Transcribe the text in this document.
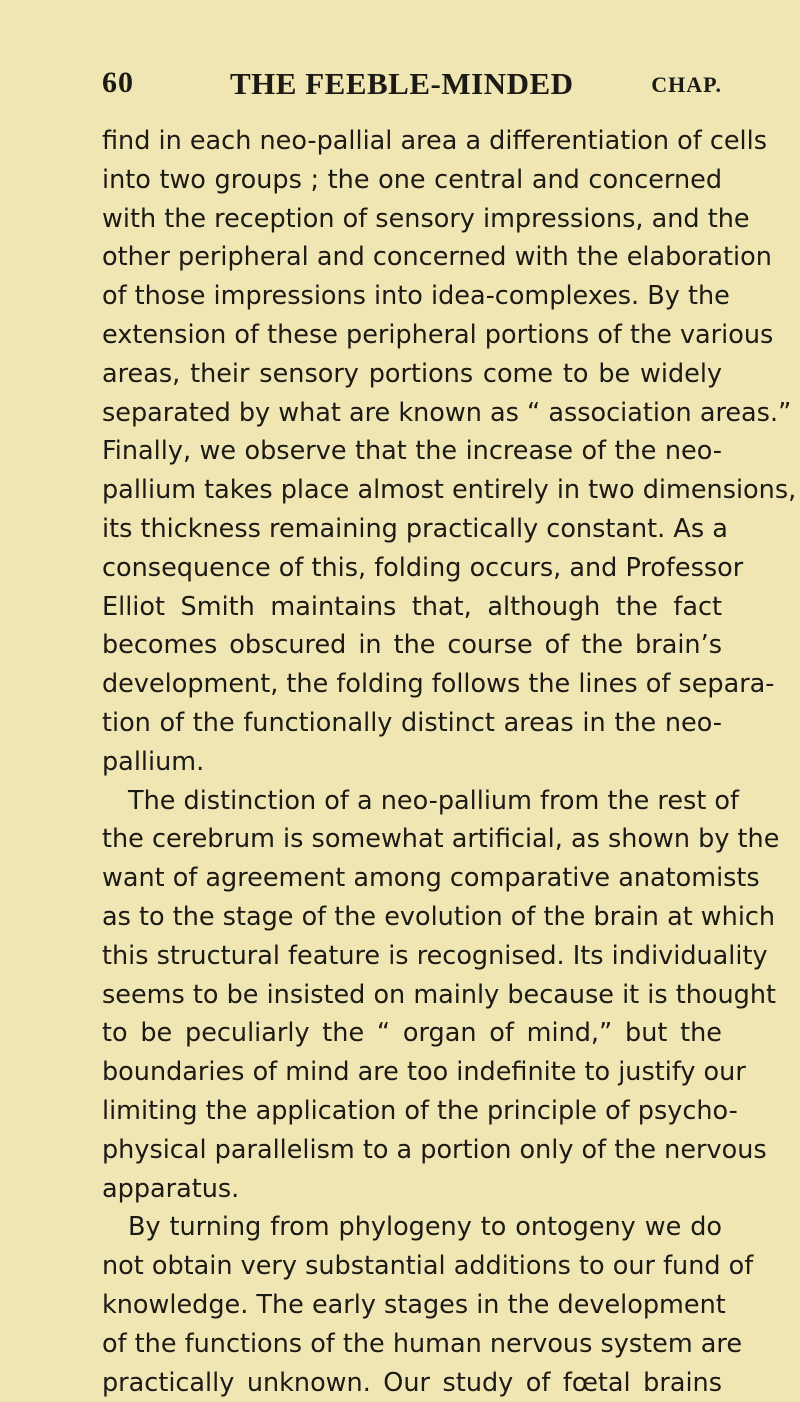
60	THE FEEBLE-MINDED	CHAP.
find in each neo-pallial area a differentiation of cells
into two groups ; the one central and concerned
with the reception of sensory impressions, and the
other peripheral and concerned with the elaboration
of those impressions into idea-complexes. By the
extension of these peripheral portions of the various
areas, their sensory portions come to be widely
separated by what are known as “ association areas.”
Finally, we observe that the increase of the neo-
pallium takes place almost entirely in two dimensions,
its thickness remaining practically constant. As a
consequence of this, folding occurs, and Professor
Elliot Smith maintains that, although the fact
becomes obscured in the course of the brain’s
development, the folding follows the lines of separa-
tion of the functionally distinct areas in the neo-
pallium.
The distinction of a neo-pallium from the rest of
the cerebrum is somewhat artificial, as shown by the
want of agreement among comparative anatomists
as to the stage of the evolution of the brain at which
this structural feature is recognised. Its individuality
seems to be insisted on mainly because it is thought
to be peculiarly the “ organ of mind,” but the
boundaries of mind are too indefinite to justify our
limiting the application of the principle of psycho-
physical parallelism to a portion only of the nervous
apparatus.
By turning from phylogeny to ontogeny we do
not obtain very substantial additions to our fund of
knowledge. The early stages in the development
of the functions of the human nervous system are
practically unknown. Our study of fœtal brains
